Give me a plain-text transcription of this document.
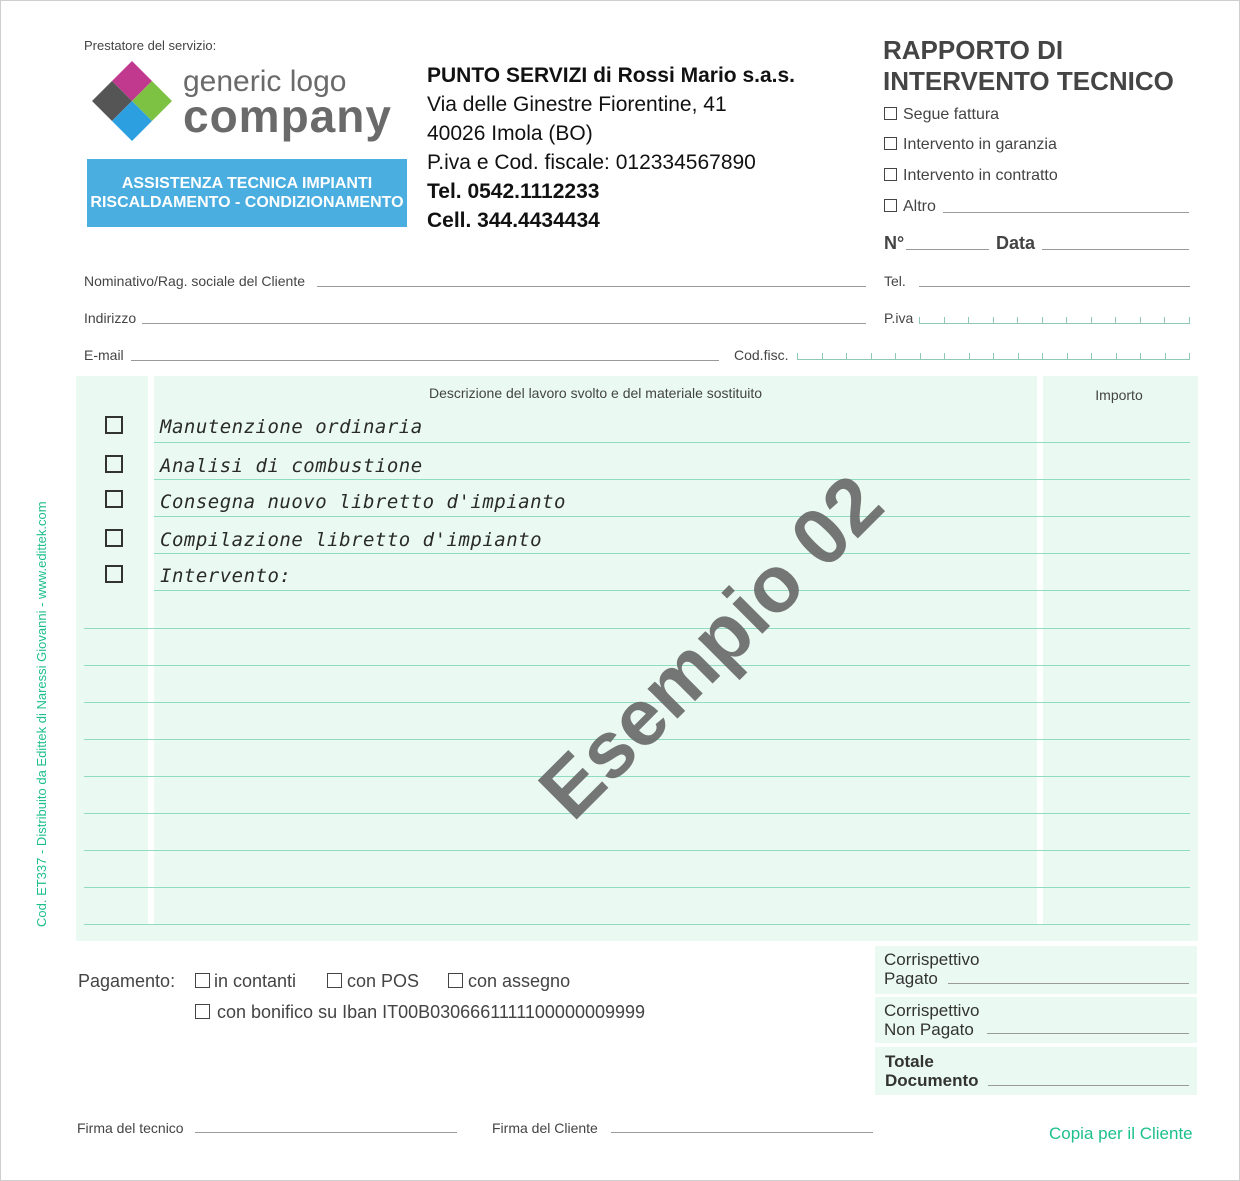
Prestatore del servizio:
generic logo
company
ASSISTENZA TECNICA IMPIANTI
RISCALDAMENTO - CONDIZIONAMENTO
PUNTO SERVIZI di Rossi Mario s.a.s.
Via delle Ginestre Fiorentine, 41
40026 Imola (BO)
P.iva e Cod. fiscale: 012334567890
Tel. 0542.1112233
Cell. 344.4434434
RAPPORTO DI
INTERVENTO TECNICO
Segue fattura
Intervento in garanzia
Intervento in contratto
Altro
N°	Data
Nominativo/Rag. sociale del Cliente	Tel.
Indirizzo	P.iva
E-mail	Cod.fisc.
Descrizione del lavoro svolto e del materiale sostituito	Importo
Manutenzione ordinaria
Analisi di combustione
Consegna nuovo libretto d'impianto
Compilazione libretto d'impianto
Intervento:	Esempio 02
Cod. ET337 - Distribuito da Edittek di Naressi Giovanni - www.edittek.com
Pagamento:	in contanti	con POS	con assegno
con bonifico su Iban IT00B0306661111100000009999
Corrispettivo
Pagato
Corrispettivo
Non Pagato
Totale
Documento
Firma del tecnico	Firma del Cliente	Copia per il Cliente
